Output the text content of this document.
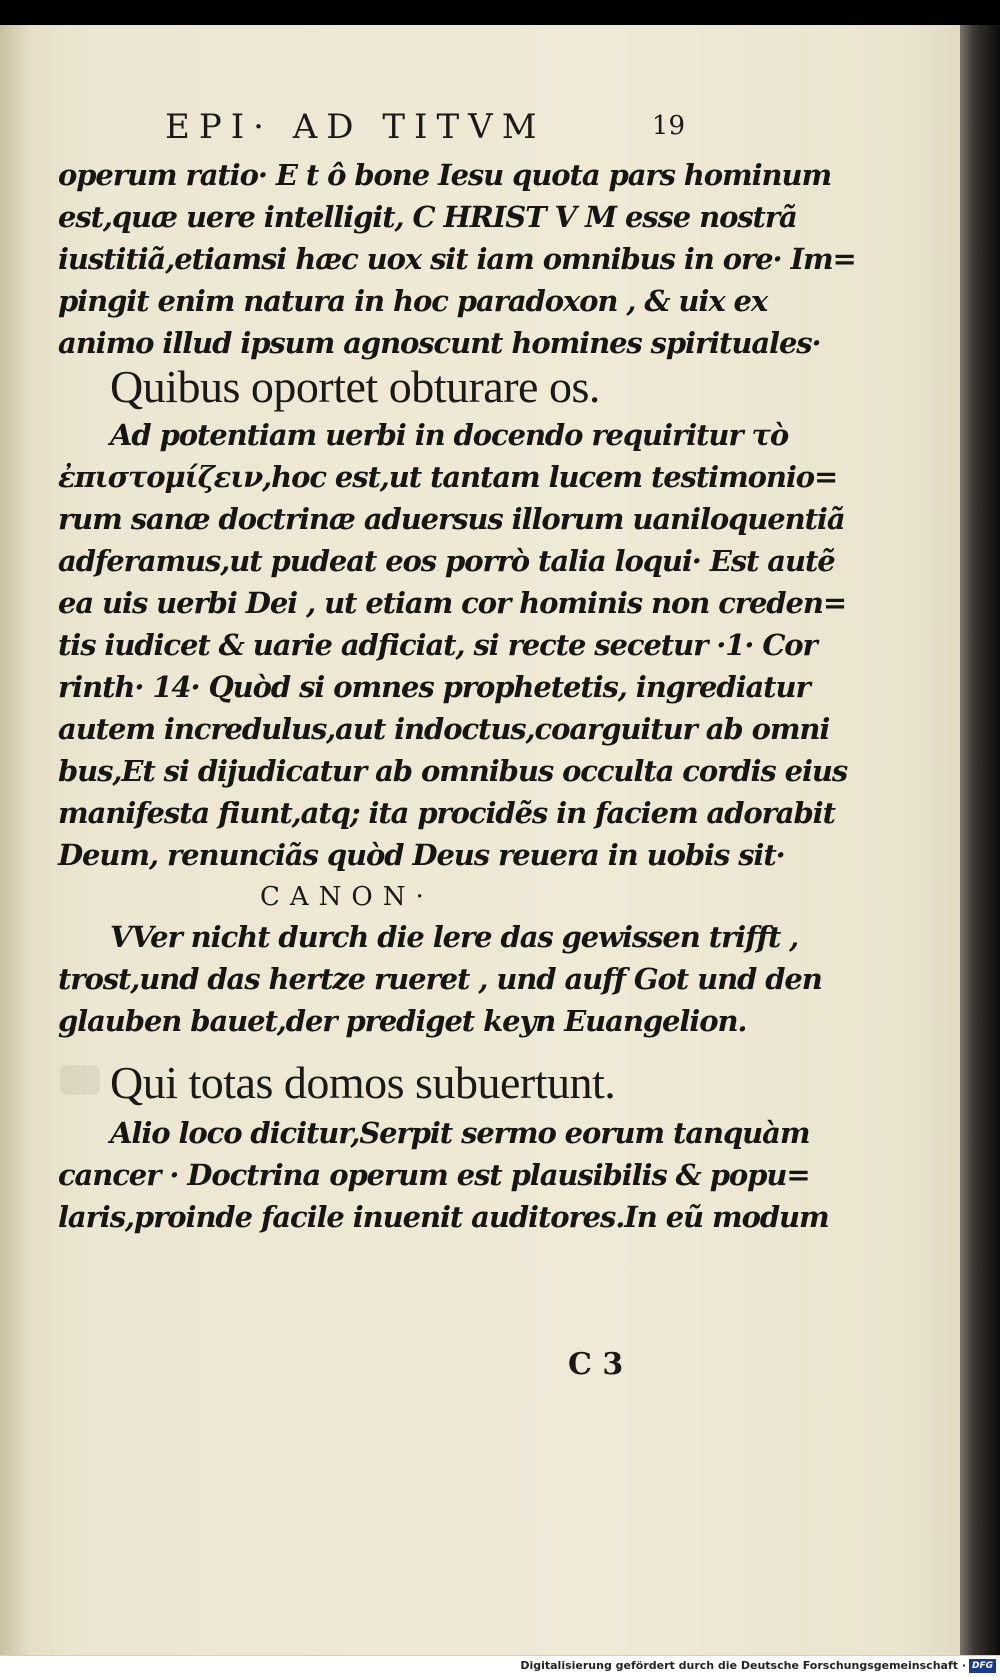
EPI· AD TITVM	19
operum ratio· E t ô bone Iesu quota pars hominum
est,quæ uere intelligit, C HRIST V M esse nostrã
iustitiã,etiamsi hæc uox sit iam omnibus in ore· Im=
pingit enim natura in hoc paradoxon , & uix ex
animo illud ipsum agnoscunt homines spirituales·
Quibus oportet obturare os.
Ad potentiam uerbi in docendo requiritur τὸ
ἐπιστομίζειν,hoc est,ut tantam lucem testimonio=
rum sanæ doctrinæ aduersus illorum uaniloquentiã
adferamus,ut pudeat eos porrò talia loqui· Est autẽ
ea uis uerbi Dei , ut etiam cor hominis non creden=
tis iudicet & uarie adficiat, si recte secetur ·1· Cor
rinth· 14· Quòd si omnes prophetetis, ingrediatur
autem incredulus,aut indoctus,coarguitur ab omni
bus,Et si dijudicatur ab omnibus occulta cordis eius
manifesta fiunt,atq; ita procidẽs in faciem adorabit
Deum, renunciãs quòd Deus reuera in uobis sit·
CANON·
VVer nicht durch die lere das gewissen trifft ,
trost,und das hertze rueret , und auff Got und den
glauben bauet,der prediget keyn Euangelion.
Qui totas domos subuertunt.
Alio loco dicitur,Serpit sermo eorum tanquàm
cancer · Doctrina operum est plausibilis & popu=
laris,proinde facile inuenit auditores.In eũ modum
C 3
Digitalisierung gefördert durch die Deutsche Forschungsgemeinschaft · DFG
